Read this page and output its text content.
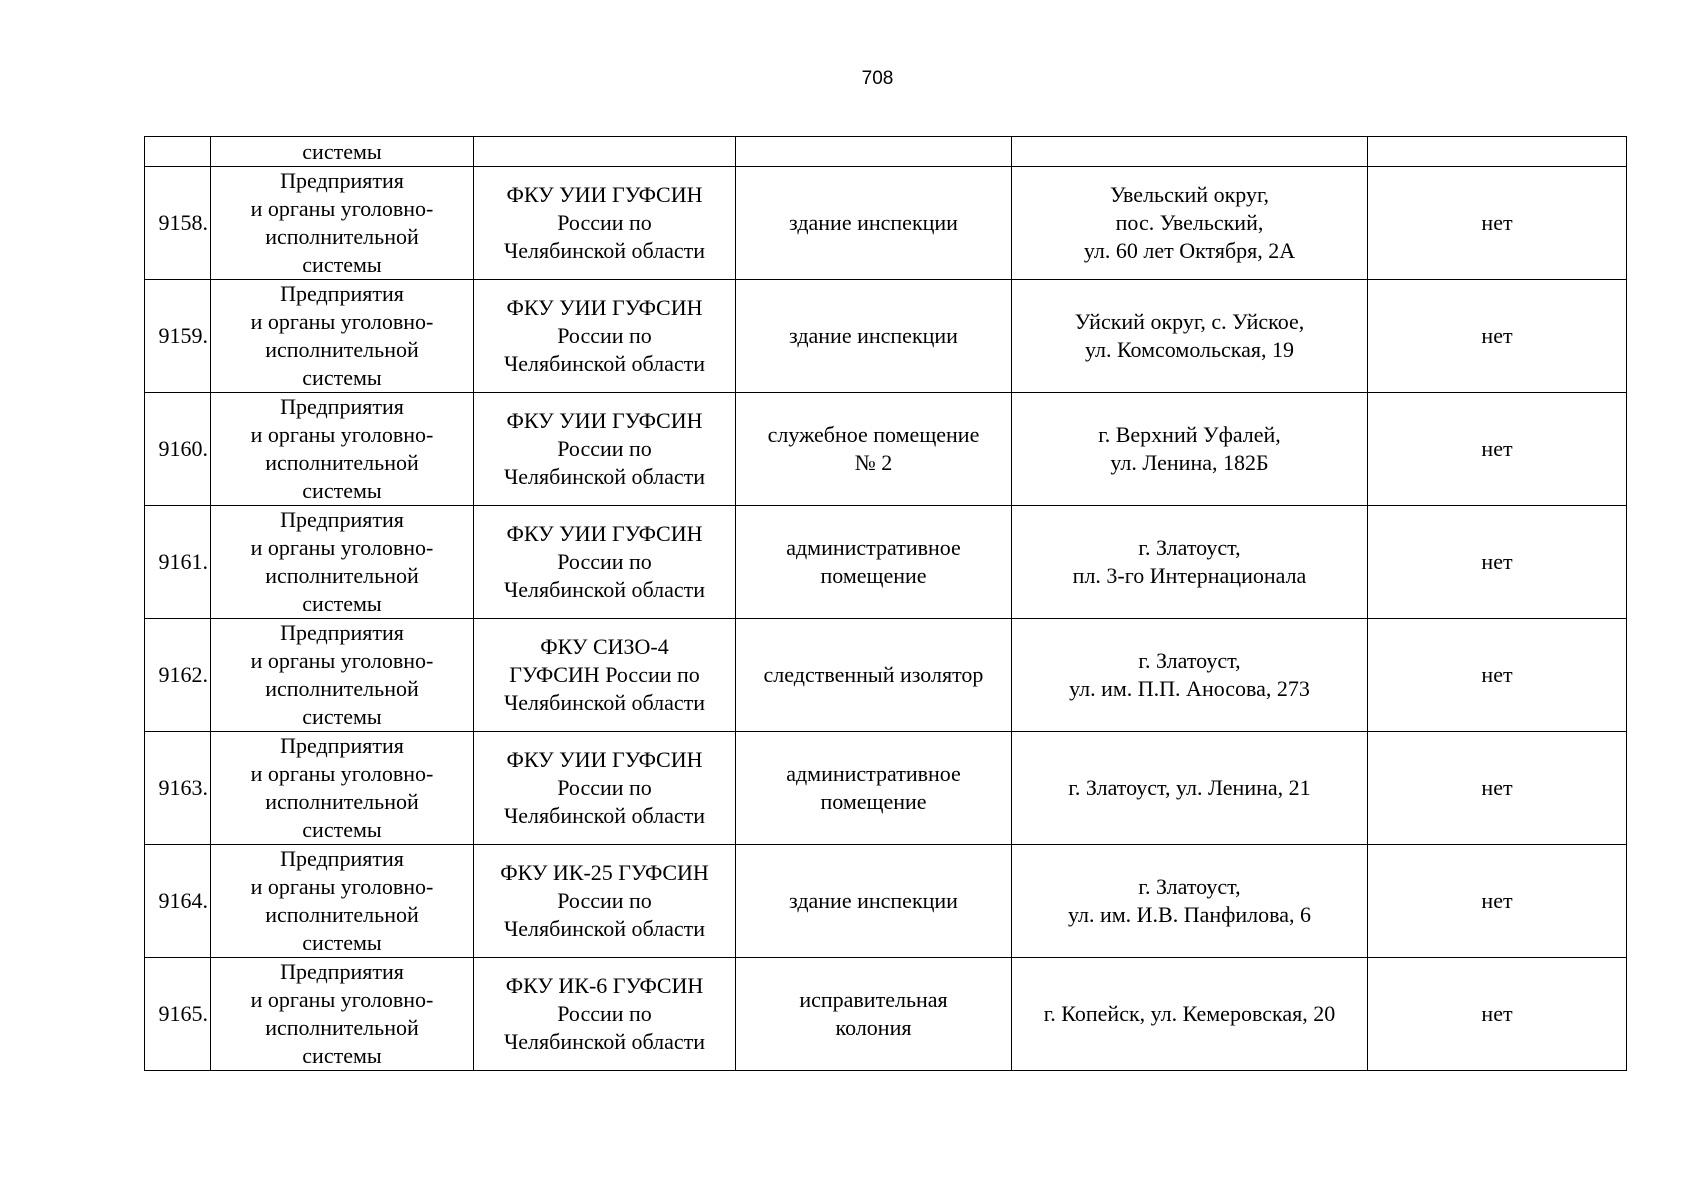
708
	системы				
9158.	Предприятия
и органы уголовно-
исполнительной
системы	ФКУ УИИ ГУФСИН
России по
Челябинской области	здание инспекции	Увельский округ,
пос. Увельский,
ул. 60 лет Октября, 2А	нет
9159.	Предприятия
и органы уголовно-
исполнительной
системы	ФКУ УИИ ГУФСИН
России по
Челябинской области	здание инспекции	Уйский округ, с. Уйское,
ул. Комсомольская, 19	нет
9160.	Предприятия
и органы уголовно-
исполнительной
системы	ФКУ УИИ ГУФСИН
России по
Челябинской области	служебное помещение
№ 2	г. Верхний Уфалей,
ул. Ленина, 182Б	нет
9161.	Предприятия
и органы уголовно-
исполнительной
системы	ФКУ УИИ ГУФСИН
России по
Челябинской области	административное
помещение	г. Златоуст,
пл. 3-го Интернационала	нет
9162.	Предприятия
и органы уголовно-
исполнительной
системы	ФКУ СИЗО-4
ГУФСИН России по
Челябинской области	следственный изолятор	г. Златоуст,
ул. им. П.П. Аносова, 273	нет
9163.	Предприятия
и органы уголовно-
исполнительной
системы	ФКУ УИИ ГУФСИН
России по
Челябинской области	административное
помещение	г. Златоуст, ул. Ленина, 21	нет
9164.	Предприятия
и органы уголовно-
исполнительной
системы	ФКУ ИК-25 ГУФСИН
России по
Челябинской области	здание инспекции	г. Златоуст,
ул. им. И.В. Панфилова, 6	нет
9165.	Предприятия
и органы уголовно-
исполнительной
системы	ФКУ ИК-6 ГУФСИН
России по
Челябинской области	исправительная
колония	г. Копейск, ул. Кемеровская, 20	нет
